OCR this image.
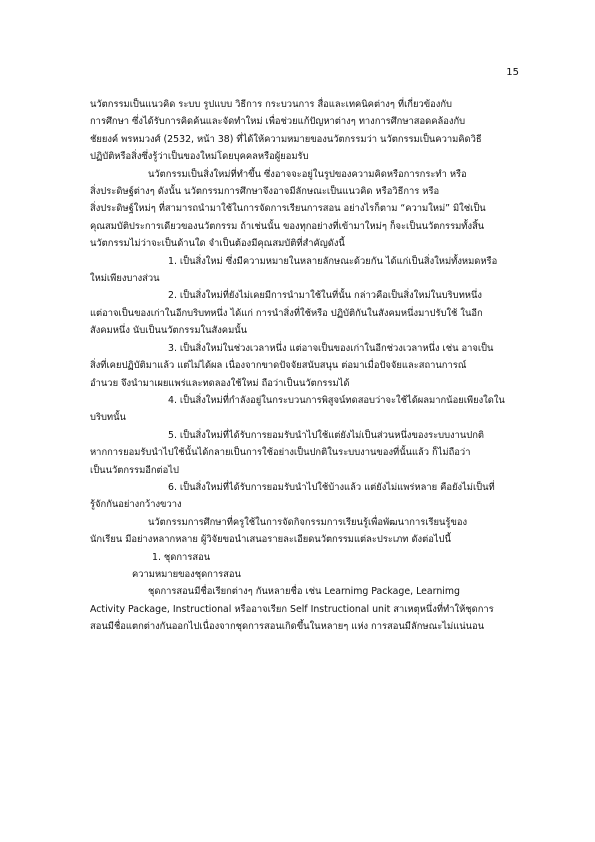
15

นวัตกรรมเป็นแนวคิด ระบบ รูปแบบ วิธีการ กระบวนการ สื่อและเทคนิคต่างๆ ที่เกี่ยวข้องกับ

การศึกษา ซึ่งได้รับการคิดค้นและจัดทำใหม่ เพื่อช่วยแก้ปัญหาต่างๆ ทางการศึกษาสอดคล้องกับ

ชัยยงค์ พรหมวงศ์ (2532, หน้า 38) ที่ได้ให้ความหมายของนวัตกรรมว่า นวัตกรรมเป็นความคิดวิธี

ปฏิบัติหรือสิ่งซึ่งรู้ว่าเป็นของใหม่โดยบุคคลหรือผู้ยอมรับ

นวัตกรรมเป็นสิ่งใหม่ที่ทำขึ้น ซึ่งอาจจะอยู่ในรูปของความคิดหรือการกระทำ หรือ

สิ่งประดิษฐ์ต่างๆ ดังนั้น นวัตกรรมการศึกษาจึงอาจมีลักษณะเป็นแนวคิด หรือวิธีการ หรือ

สิ่งประดิษฐ์ใหม่ๆ ที่สามารถนำมาใช้ในการจัดการเรียนการสอน อย่างไรก็ตาม “ความใหม่” มิใช่เป็น

คุณสมบัติประการเดียวของนวัตกรรม ถ้าเช่นนั้น ของทุกอย่างที่เข้ามาใหม่ๆ ก็จะเป็นนวัตกรรมทั้งสิ้น

นวัตกรรมไม่ว่าจะเป็นด้านใด จำเป็นต้องมีคุณสมบัติที่สำคัญดังนี้

1. เป็นสิ่งใหม่ ซึ่งมีความหมายในหลายลักษณะด้วยกัน ได้แก่เป็นสิ่งใหม่ทั้งหมดหรือ

ใหม่เพียงบางส่วน

2. เป็นสิ่งใหม่ที่ยังไม่เคยมีการนำมาใช้ในที่นั้น กล่าวคือเป็นสิ่งใหม่ในบริบทหนึ่ง

แต่อาจเป็นของเก่าในอีกบริบทหนึ่ง ได้แก่ การนำสิ่งที่ใช้หรือ ปฏิบัติกันในสังคมหนึ่งมาปรับใช้ ในอีก

สังคมหนึ่ง นับเป็นนวัตกรรมในสังคมนั้น

3. เป็นสิ่งใหม่ในช่วงเวลาหนึ่ง แต่อาจเป็นของเก่าในอีกช่วงเวลาหนึ่ง เช่น อาจเป็น

สิ่งที่เคยปฏิบัติมาแล้ว แต่ไม่ได้ผล เนื่องจากขาดปัจจัยสนับสนุน ต่อมาเมื่อปัจจัยและสถานการณ์

อำนวย จึงนำมาเผยแพร่และทดลองใช้ใหม่ ถือว่าเป็นนวัตกรรมได้

4. เป็นสิ่งใหม่ที่กำลังอยู่ในกระบวนการพิสูจน์ทดสอบว่าจะใช้ได้ผลมากน้อยเพียงใดใน

บริบทนั้น

5. เป็นสิ่งใหม่ที่ได้รับการยอมรับนำไปใช้แต่ยังไม่เป็นส่วนหนึ่งของระบบงานปกติ

หากการยอมรับนำไปใช้นั้นได้กลายเป็นการใช้อย่างเป็นปกติในระบบงานของที่นั้นแล้ว ก็ไม่ถือว่า

เป็นนวัตกรรมอีกต่อไป

6. เป็นสิ่งใหม่ที่ได้รับการยอมรับนำไปใช้บ้างแล้ว แต่ยังไม่แพร่หลาย คือยังไม่เป็นที่

รู้จักกันอย่างกว้างขวาง

นวัตกรรมการศึกษาที่ครูใช้ในการจัดกิจกรรมการเรียนรู้เพื่อพัฒนาการเรียนรู้ของ

นักเรียน มีอย่างหลากหลาย ผู้วิจัยขอนำเสนอรายละเอียดนวัตกรรมแต่ละประเภท ดังต่อไปนี้

1. ชุดการสอน

ความหมายของชุดการสอน

ชุดการสอนมีชื่อเรียกต่างๆ กันหลายชื่อ เช่น Learnimg Package, Learnimg

Activity Package, Instructional หรืออาจเรียก Self Instructional unit สาเหตุหนึ่งที่ทำให้ชุดการ

สอนมีชื่อแตกต่างกันออกไปเนื่องจากชุดการสอนเกิดขึ้นในหลายๆ แห่ง การสอนมีลักษณะไม่แน่นอน
